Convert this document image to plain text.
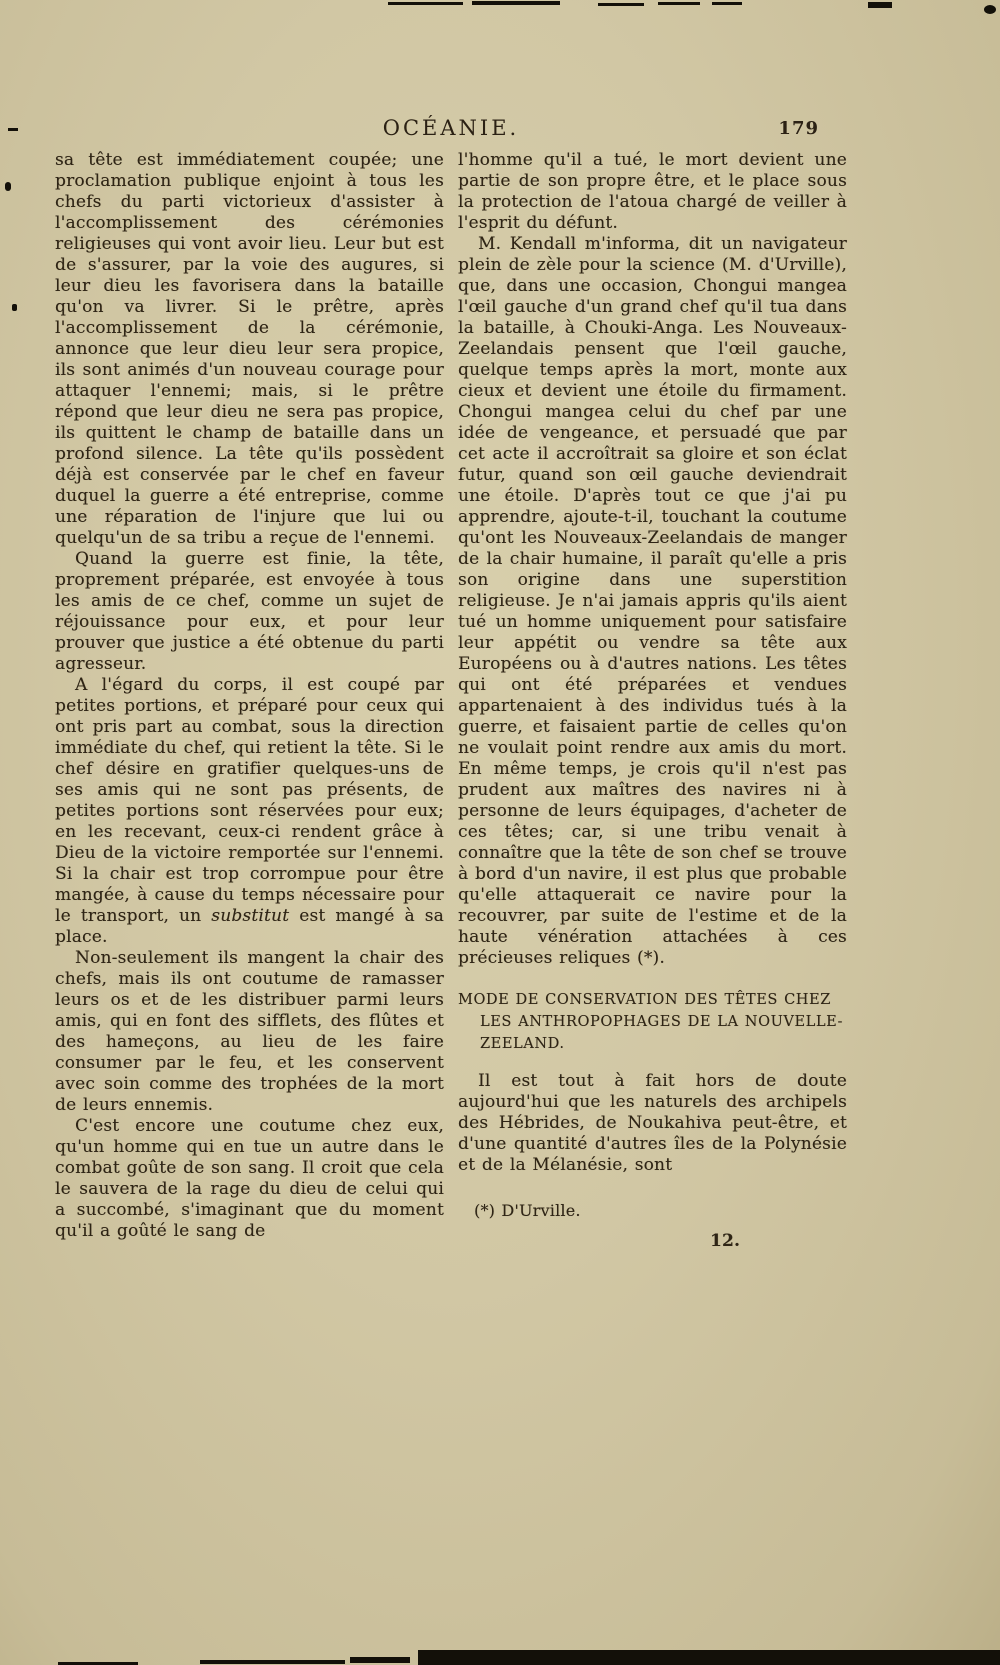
OCÉANIE.	179

sa tête est immédiatement coupée; une proclamation publique enjoint à tous les chefs du parti victorieux d'assister à l'accomplissement des cérémonies religieuses qui vont avoir lieu. Leur but est de s'assurer, par la voie des augures, si leur dieu les favorisera dans la bataille qu'on va livrer. Si le prêtre, après l'accomplissement de la cérémonie, annonce que leur dieu leur sera propice, ils sont animés d'un nouveau courage pour attaquer l'ennemi; mais, si le prêtre répond que leur dieu ne sera pas propice, ils quittent le champ de bataille dans un profond silence. La tête qu'ils possèdent déjà est conservée par le chef en faveur duquel la guerre a été entreprise, comme une réparation de l'injure que lui ou quelqu'un de sa tribu a reçue de l'ennemi.

Quand la guerre est finie, la tête, proprement préparée, est envoyée à tous les amis de ce chef, comme un sujet de réjouissance pour eux, et pour leur prouver que justice a été obtenue du parti agresseur.

A l'égard du corps, il est coupé par petites portions, et préparé pour ceux qui ont pris part au combat, sous la direction immédiate du chef, qui retient la tête. Si le chef désire en gratifier quelques-uns de ses amis qui ne sont pas présents, de petites portions sont réservées pour eux; en les recevant, ceux-ci rendent grâce à Dieu de la victoire remportée sur l'ennemi. Si la chair est trop corrompue pour être mangée, à cause du temps nécessaire pour le transport, un substitut est mangé à sa place.

Non-seulement ils mangent la chair des chefs, mais ils ont coutume de ramasser leurs os et de les distribuer parmi leurs amis, qui en font des sifflets, des flûtes et des hameçons, au lieu de les faire consumer par le feu, et les conservent avec soin comme des trophées de la mort de leurs ennemis.

C'est encore une coutume chez eux, qu'un homme qui en tue un autre dans le combat goûte de son sang. Il croit que cela le sauvera de la rage du dieu de celui qui a succombé, s'imaginant que du moment qu'il a goûté le sang de

l'homme qu'il a tué, le mort devient une partie de son propre être, et le place sous la protection de l'atoua chargé de veiller à l'esprit du défunt.

M. Kendall m'informa, dit un navigateur plein de zèle pour la science (M. d'Urville), que, dans une occasion, Chongui mangea l'œil gauche d'un grand chef qu'il tua dans la bataille, à Chouki-Anga. Les Nouveaux-Zeelandais pensent que l'œil gauche, quelque temps après la mort, monte aux cieux et devient une étoile du firmament. Chongui mangea celui du chef par une idée de vengeance, et persuadé que par cet acte il accroîtrait sa gloire et son éclat futur, quand son œil gauche deviendrait une étoile. D'après tout ce que j'ai pu apprendre, ajoute-t-il, touchant la coutume qu'ont les Nouveaux-Zeelandais de manger de la chair humaine, il paraît qu'elle a pris son origine dans une superstition religieuse. Je n'ai jamais appris qu'ils aient tué un homme uniquement pour satisfaire leur appétit ou vendre sa tête aux Européens ou à d'autres nations. Les têtes qui ont été préparées et vendues appartenaient à des individus tués à la guerre, et faisaient partie de celles qu'on ne voulait point rendre aux amis du mort. En même temps, je crois qu'il n'est pas prudent aux maîtres des navires ni à personne de leurs équipages, d'acheter de ces têtes; car, si une tribu venait à connaître que la tête de son chef se trouve à bord d'un navire, il est plus que probable qu'elle attaquerait ce navire pour la recouvrer, par suite de l'estime et de la haute vénération attachées à ces précieuses reliques (*).

MODE DE CONSERVATION DES TÊTES CHEZ LES ANTHROPOPHAGES DE LA NOUVELLE-ZEELAND.

Il est tout à fait hors de doute aujourd'hui que les naturels des archipels des Hébrides, de Noukahiva peut-être, et d'une quantité d'autres îles de la Polynésie et de la Mélanésie, sont

(*) D'Urville.

12.
